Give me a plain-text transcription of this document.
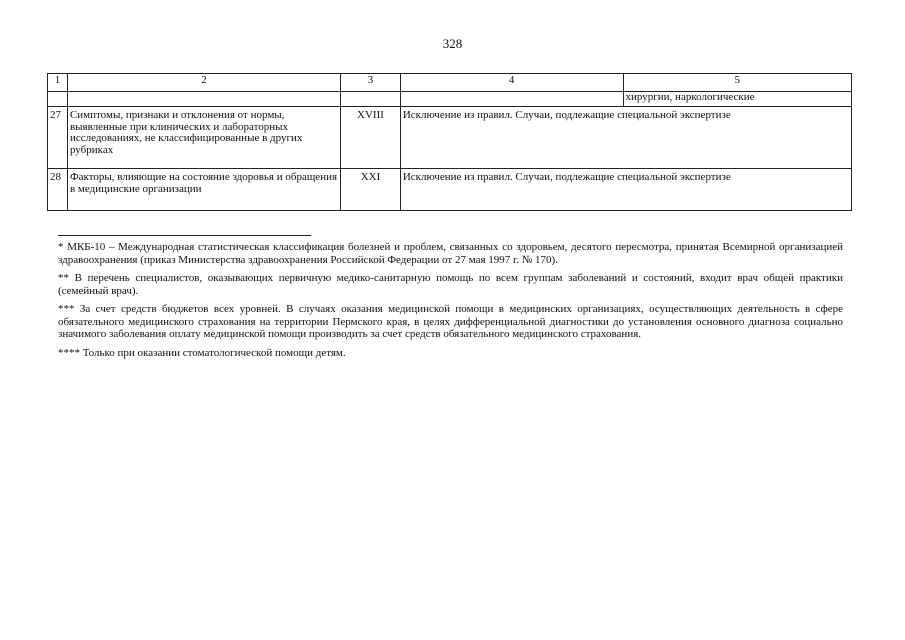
328
1	2	3	4	5
				хирургии, наркологические
27	Симптомы, признаки и отклонения от нормы, выявленные при клинических и лабораторных исследованиях, не классифицированные в других рубриках	XVIII	Исключение из правил. Случаи, подлежащие специальной экспертизе	
28	Факторы, влияющие на состояние здоровья и обращения в медицинские организации	XXI	Исключение из правил. Случаи, подлежащие специальной экспертизе	

* МКБ-10 – Международная статистическая классификация болезней и проблем, связанных со здоровьем, десятого пересмотра, принятая Всемирной организацией здравоохранения (приказ Министерства здравоохранения Российской Федерации от 27 мая 1997 г. № 170).

** В перечень специалистов, оказывающих первичную медико-санитарную помощь по всем группам заболеваний и состояний, входит врач общей практики (семейный врач).

*** За счет средств бюджетов всех уровней. В случаях оказания медицинской помощи в медицинских организациях, осуществляющих деятельность в сфере обязательного медицинского страхования на территории Пермского края, в целях дифференциальной диагностики до установления основного диагноза социально значимого заболевания оплату медицинской помощи производить за счет средств обязательного медицинского страхования.

**** Только при оказании стоматологической помощи детям.
